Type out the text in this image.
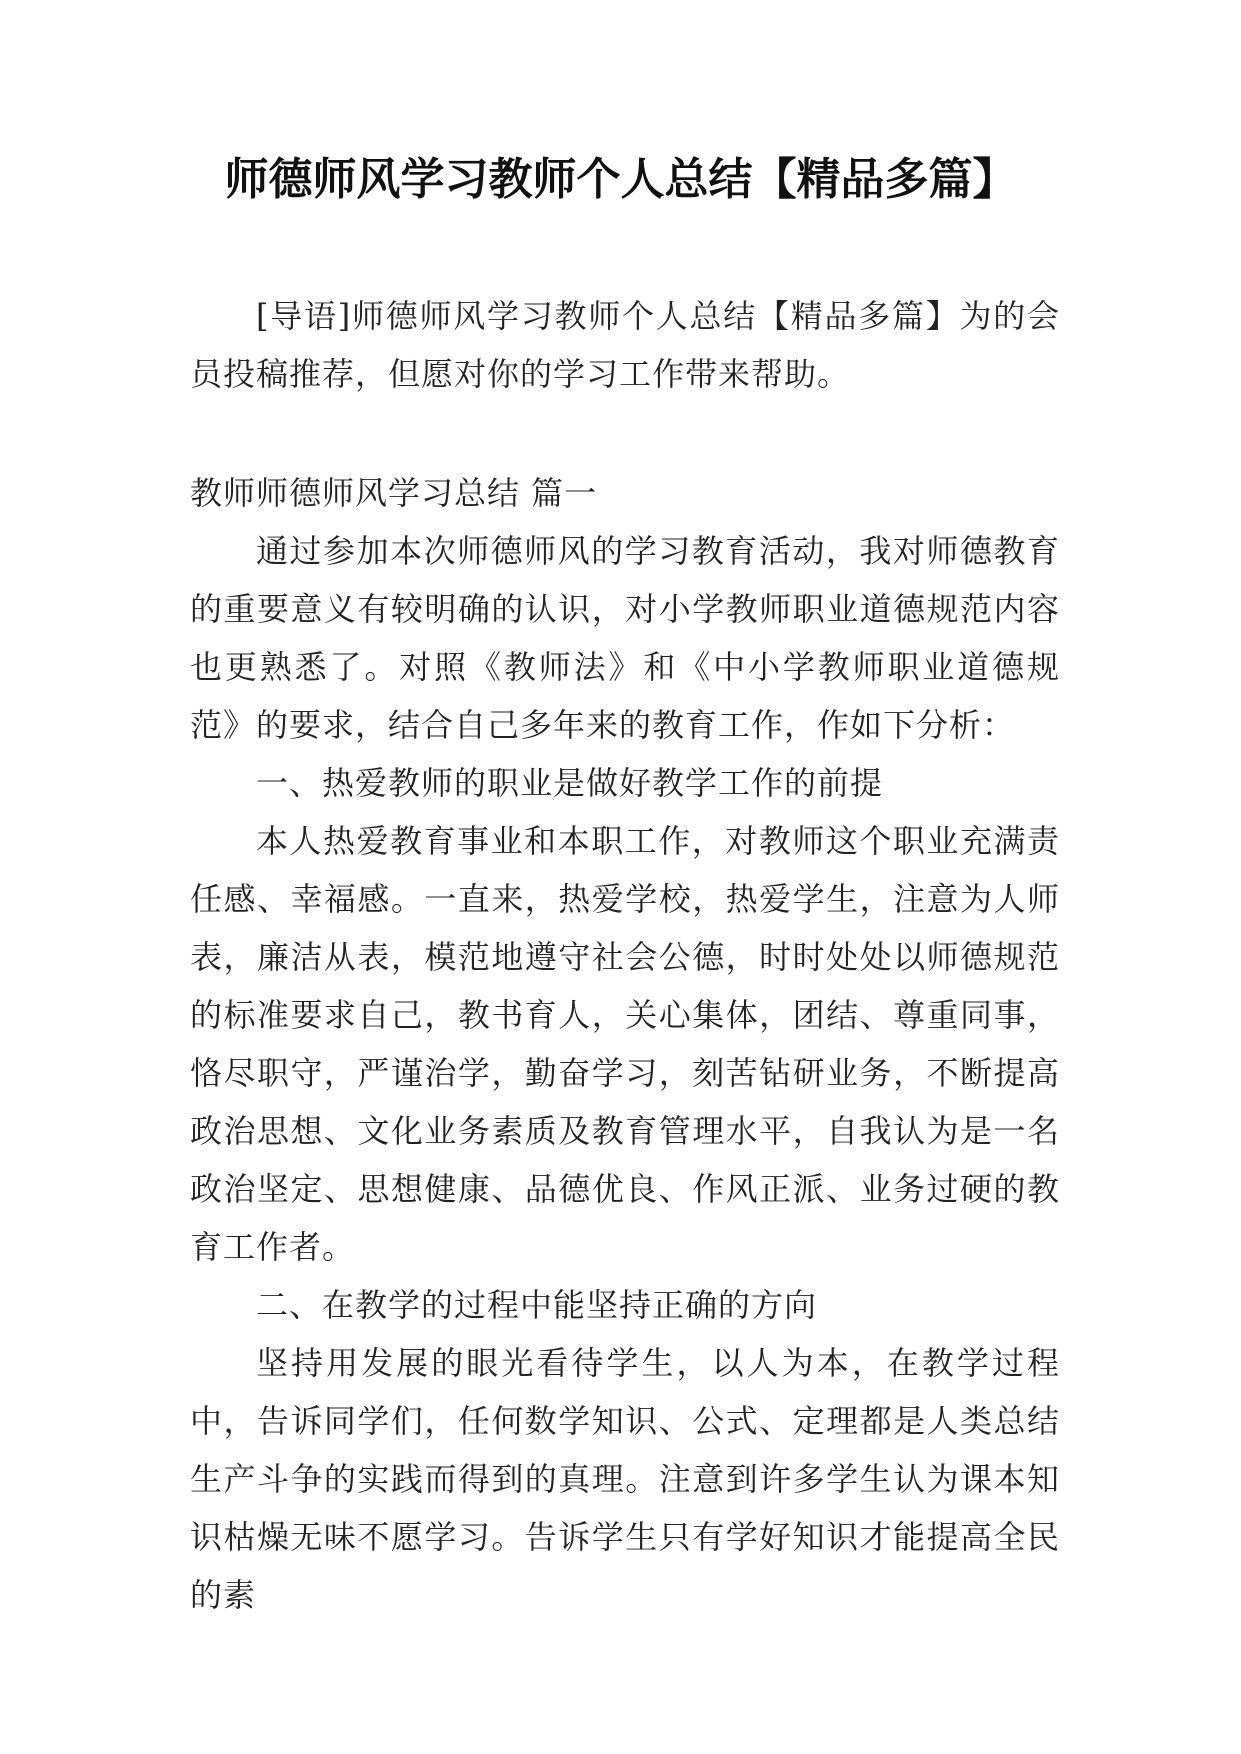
师德师风学习教师个人总结【精品多篇】

[导语]师德师风学习教师个人总结【精品多篇】为的会员投稿推荐，但愿对你的学习工作带来帮助。

教师师德师风学习总结 篇一

通过参加本次师德师风的学习教育活动，我对师德教育的重要意义有较明确的认识，对小学教师职业道德规范内容也更熟悉了。对照《教师法》和《中小学教师职业道德规范》的要求，结合自己多年来的教育工作，作如下分析：

一、热爱教师的职业是做好教学工作的前提

本人热爱教育事业和本职工作，对教师这个职业充满责任感、幸福感。一直来，热爱学校，热爱学生，注意为人师表，廉洁从表，模范地遵守社会公德，时时处处以师德规范的标准要求自己，教书育人，关心集体，团结、尊重同事，恪尽职守，严谨治学，勤奋学习，刻苦钻研业务，不断提高政治思想、文化业务素质及教育管理水平，自我认为是一名政治坚定、思想健康、品德优良、作风正派、业务过硬的教育工作者。

二、在教学的过程中能坚持正确的方向

坚持用发展的眼光看待学生，以人为本，在教学过程中，告诉同学们，任何数学知识、公式、定理都是人类总结生产斗争的实践而得到的真理。注意到许多学生认为课本知识枯燥无味不愿学习。告诉学生只有学好知识才能提高全民的素
